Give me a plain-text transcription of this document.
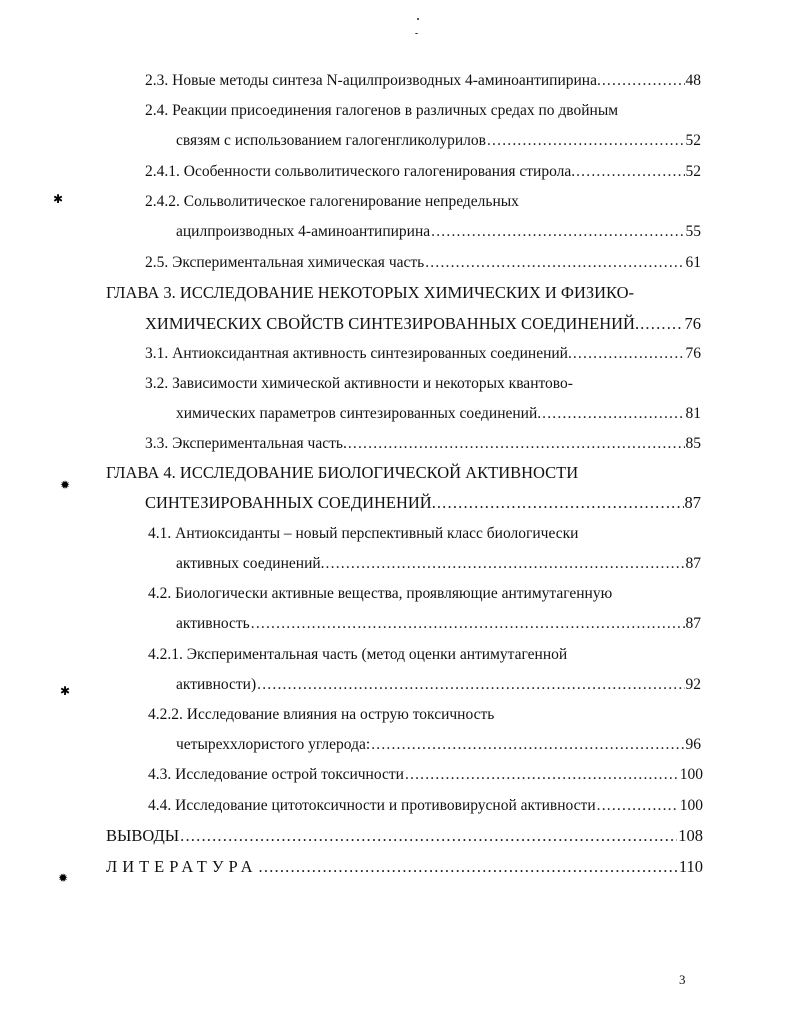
✱
✹
✱
✹
2.3. Новые методы синтеза N-ацилпроизводных 4-аминоантипирина. .....	48
2.4. Реакции присоединения галогенов в различных средах по двойным
связям с использованием галогенгликолурилов .....	52
2.4.1. Особенности сольволитического галогенирования стирола. .....	52
2.4.2. Сольволитическое галогенирование непредельных
ацилпроизводных 4-аминоантипирина .....	55
2.5. Экспериментальная химическая часть .....	61
ГЛАВА 3. ИССЛЕДОВАНИЕ НЕКОТОРЫХ ХИМИЧЕСКИХ И ФИЗИКО-
ХИМИЧЕСКИХ СВОЙСТВ СИНТЕЗИРОВАННЫХ СОЕДИНЕНИЙ. .....	76
3.1. Антиоксидантная активность синтезированных соединений. .....	76
3.2. Зависимости химической активности и некоторых квантово-
химических параметров синтезированных соединений. .....	81
3.3. Экспериментальная часть. .....	85
ГЛАВА 4. ИССЛЕДОВАНИЕ БИОЛОГИЧЕСКОЙ АКТИВНОСТИ
СИНТЕЗИРОВАННЫХ СОЕДИНЕНИЙ. .....	87
4.1. Антиоксиданты – новый перспективный класс биологически
активных соединений. .....	87
4.2. Биологически активные вещества, проявляющие антимутагенную
активность .....	87
4.2.1. Экспериментальная часть (метод оценки антимутагенной
активности) .....	92
4.2.2. Исследование влияния на острую токсичность
четыреххлористого углерода: .....	96
4.3. Исследование острой токсичности .....	100
4.4. Исследование цитотоксичности и противовирусной активности .....	100
ВЫВОДЫ .....	108
ЛИТЕРАТУРА .....	110
3
